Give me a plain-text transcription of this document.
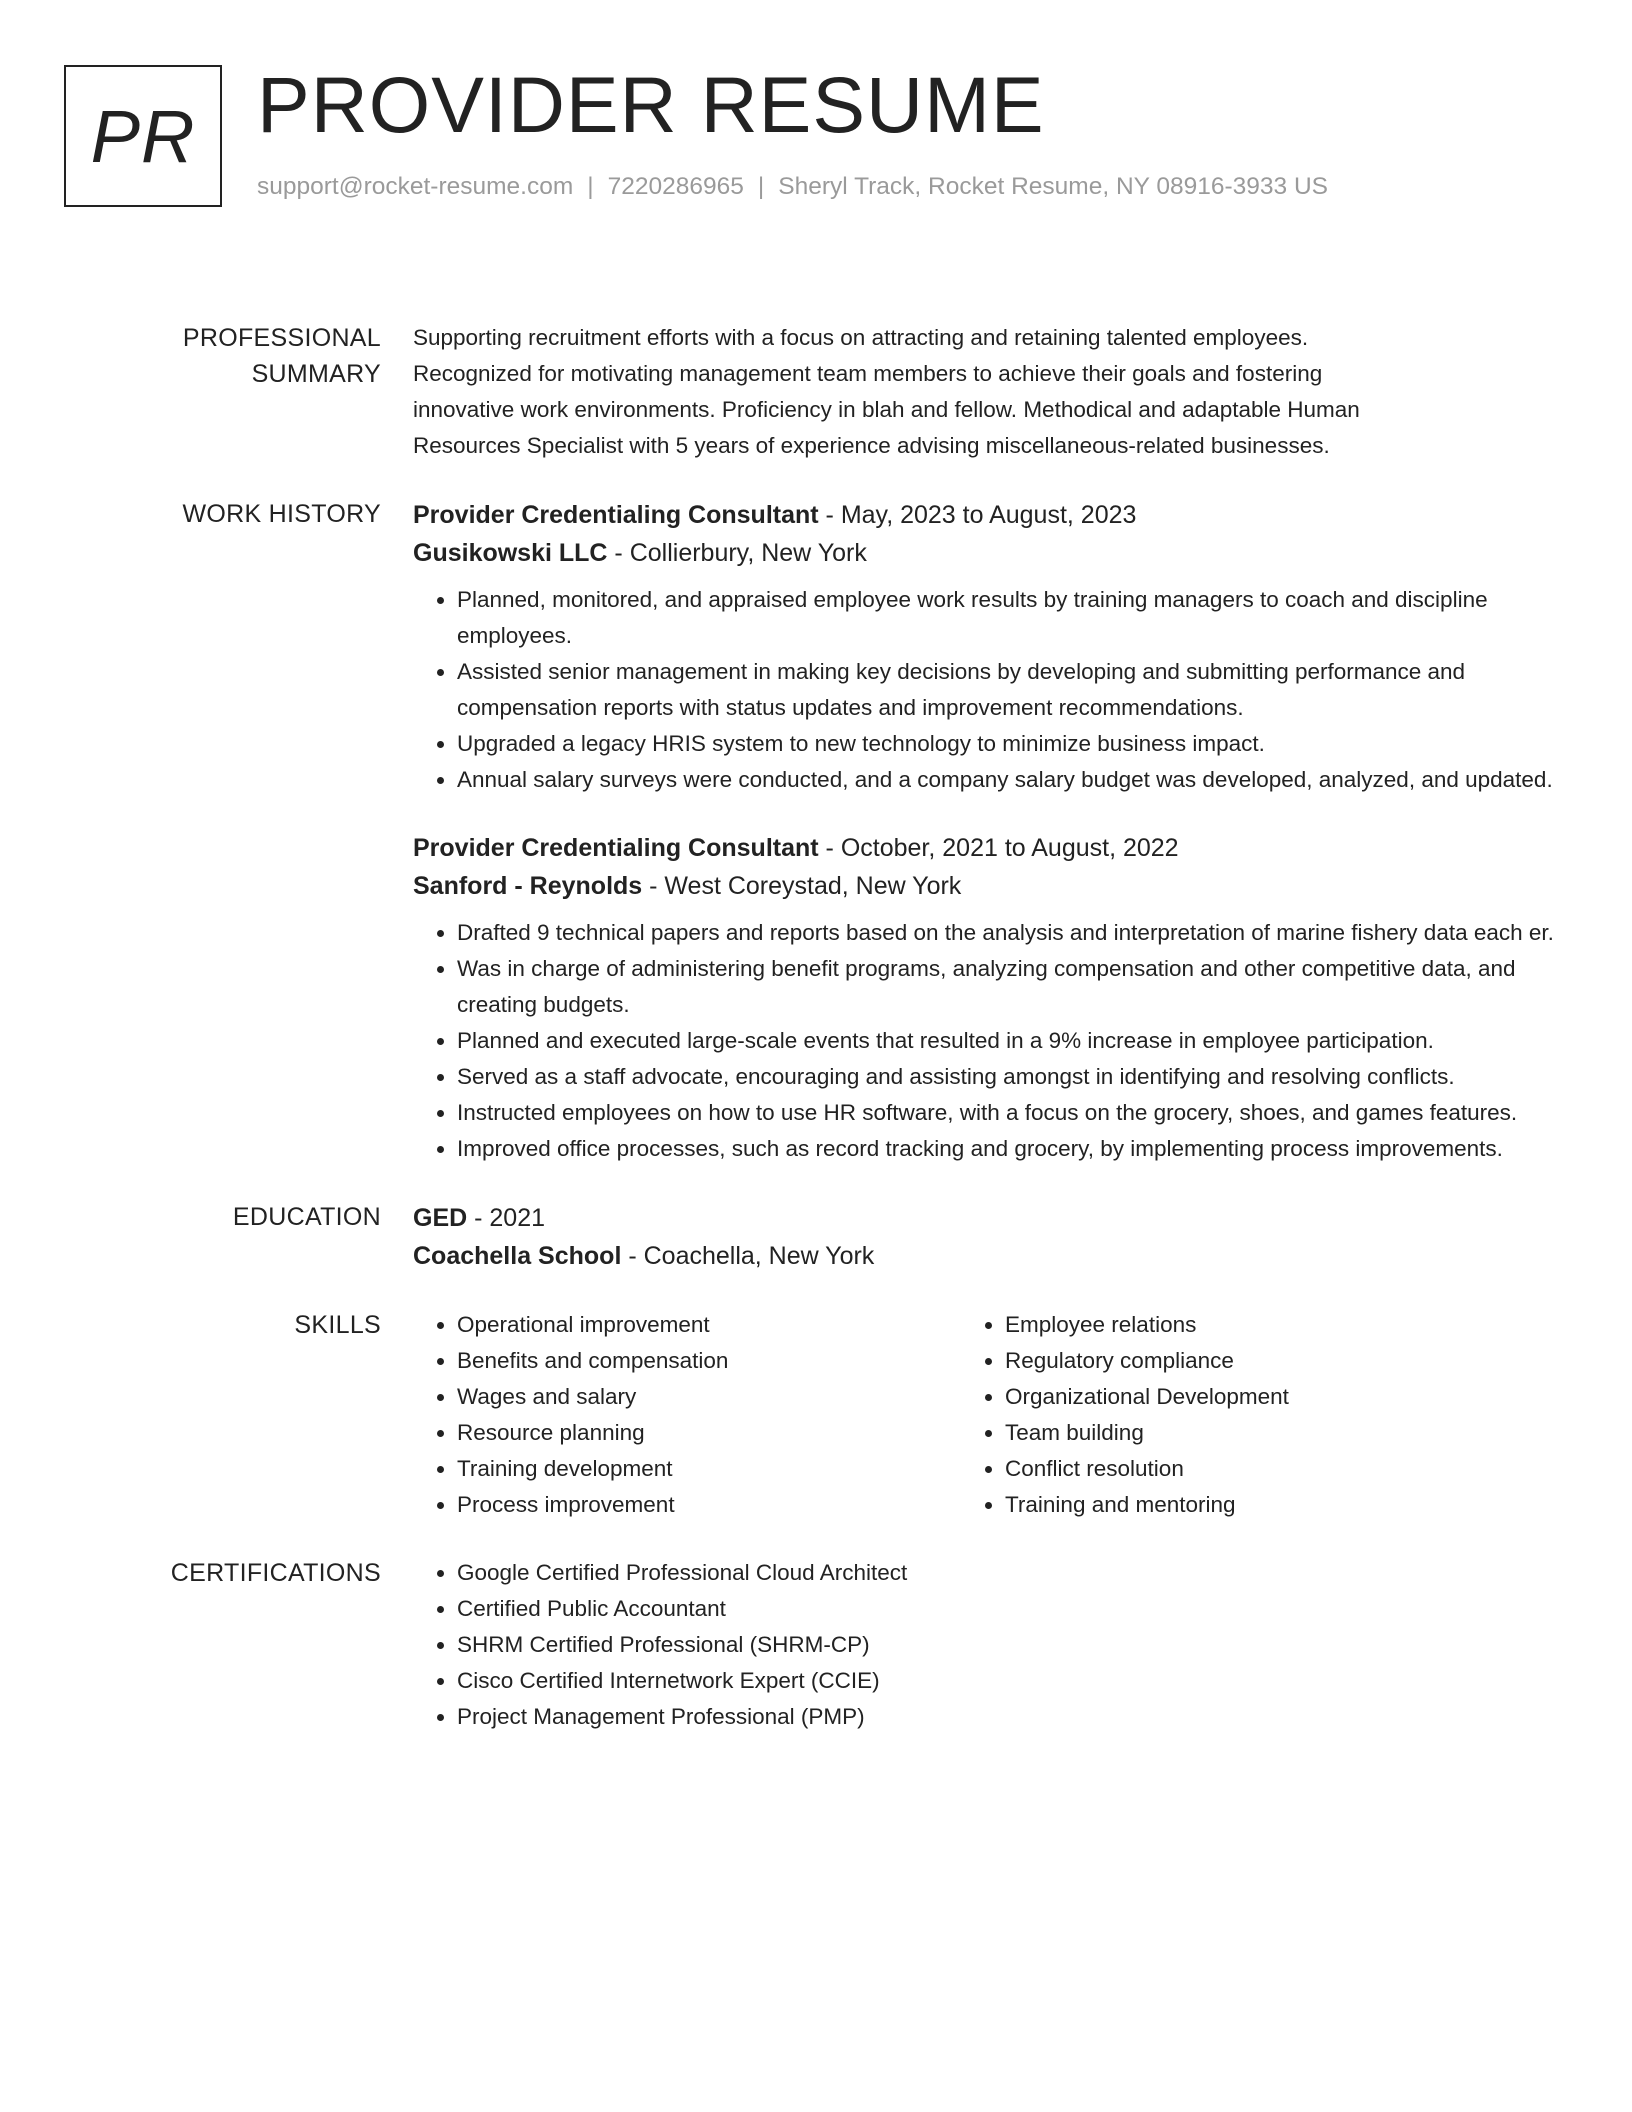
PR PROVIDER RESUME
support@rocket-resume.com | 7220286965 | Sheryl Track, Rocket Resume, NY 08916-3933 US
PROFESSIONAL SUMMARY

Supporting recruitment efforts with a focus on attracting and retaining talented employees.

Recognized for motivating management team members to achieve their goals and fostering

innovative work environments. Proficiency in blah and fellow. Methodical and adaptable Human

Resources Specialist with 5 years of experience advising miscellaneous-related businesses.

WORK HISTORY	Provider Credentialing Consultant - May, 2023 to August, 2023
Gusikowski LLC - Collierbury, New York
• Planned, monitored, and appraised employee work results by training managers to coach and discipline employees.
• Assisted senior management in making key decisions by developing and submitting performance and compensation reports with status updates and improvement recommendations.
• Upgraded a legacy HRIS system to new technology to minimize business impact.
• Annual salary surveys were conducted, and a company salary budget was developed, analyzed, and updated.
Provider Credentialing Consultant - October, 2021 to August, 2022
Sanford - Reynolds - West Coreystad, New York
• Drafted 9 technical papers and reports based on the analysis and interpretation of marine fishery data each er.
• Was in charge of administering benefit programs, analyzing compensation and other competitive data, and creating budgets.
• Planned and executed large-scale events that resulted in a 9% increase in employee participation.
• Served as a staff advocate, encouraging and assisting amongst in identifying and resolving conflicts.
• Instructed employees on how to use HR software, with a focus on the grocery, shoes, and games features.
• Improved office processes, such as record tracking and grocery, by implementing process improvements.
EDUCATION	GED - 2021
Coachella School - Coachella, New York
SKILLS	• Operational improvement
• Benefits and compensation
• Wages and salary
• Resource planning
• Training development
• Process improvement
• Employee relations
• Regulatory compliance
• Organizational Development
• Team building
• Conflict resolution
• Training and mentoring
CERTIFICATIONS	• Google Certified Professional Cloud Architect
• Certified Public Accountant
• SHRM Certified Professional (SHRM-CP)
• Cisco Certified Internetwork Expert (CCIE)
• Project Management Professional (PMP)
